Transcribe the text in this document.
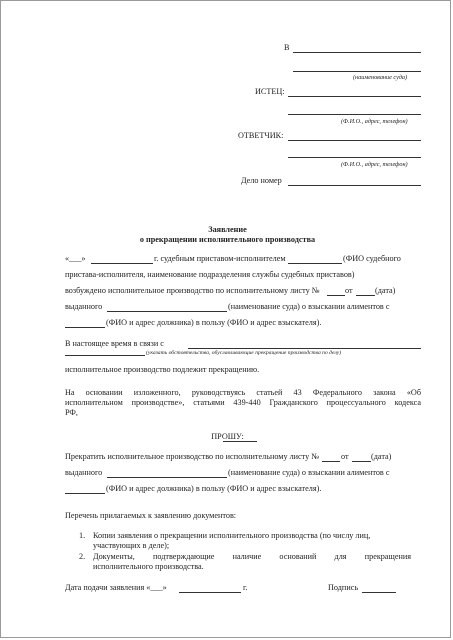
В
(наименование суда)
ИСТЕЦ:
(Ф.И.О., адрес, телефон)
ОТВЕТЧИК:
(Ф.И.О., адрес, телефон)
Дело номер
Заявление
о прекращении исполнительного производства
«___»	г. судебным приставом-исполнителем	(ФИО судебного
пристава-исполнителя, наименование подразделения службы судебных приставов)
возбуждено исполнительное производство по исполнительному листу №	от	(дата)
выданного	(наименование суда) о взыскании алиментов с
(ФИО и адрес должника) в пользу (ФИО и адрес взыскателя).
В настоящее время в связи с
(указать обстоятельства, обуславливающие прекращение производства по делу)
исполнительное производство подлежит прекращению.
На основании изложенного, руководствуясь статьей 43 Федерального закона «Об
исполнительном производстве», статьями 439-440 Гражданского процессуального кодекса
РФ,
ПРОШУ:
Прекратить исполнительное производство по исполнительному листу №	от	(дата)
выданного	(наименование суда) о взыскании алиментов с
(ФИО и адрес должника) в пользу (ФИО и адрес взыскателя).
Перечень прилагаемых к заявлению документов:
1. Копии заявления о прекращении исполнительного производства (по числу лиц,
участвующих в деле);
2. Документы, подтверждающие наличие оснований для прекращения
исполнительного производства.
Дата подачи заявления «___»	г.	Подпись
